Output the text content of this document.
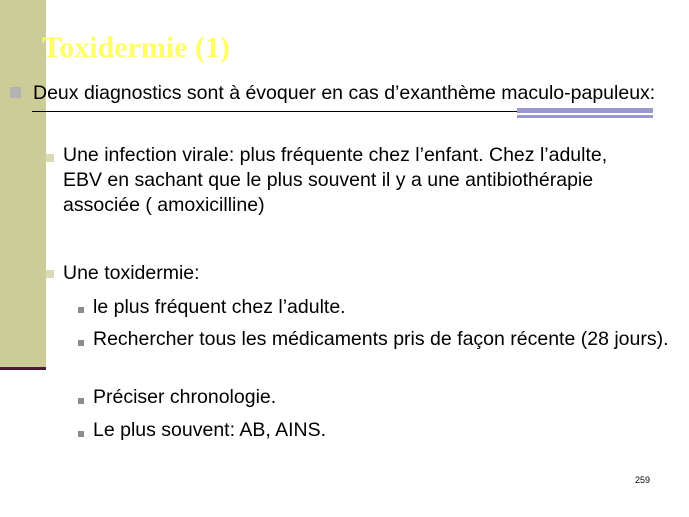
Toxidermie (1)

Deux diagnostics sont à évoquer en cas d’exanthème maculo-papuleux:

Une infection virale: plus fréquente chez l’enfant. Chez l’adulte, EBV en sachant que le plus souvent il y a une antibiothérapie associée ( amoxicilline)

Une toxidermie:

le plus fréquent chez l’adulte.

Rechercher tous les médicaments pris de façon récente (28 jours).

Préciser chronologie.

Le plus souvent: AB, AINS.

259
